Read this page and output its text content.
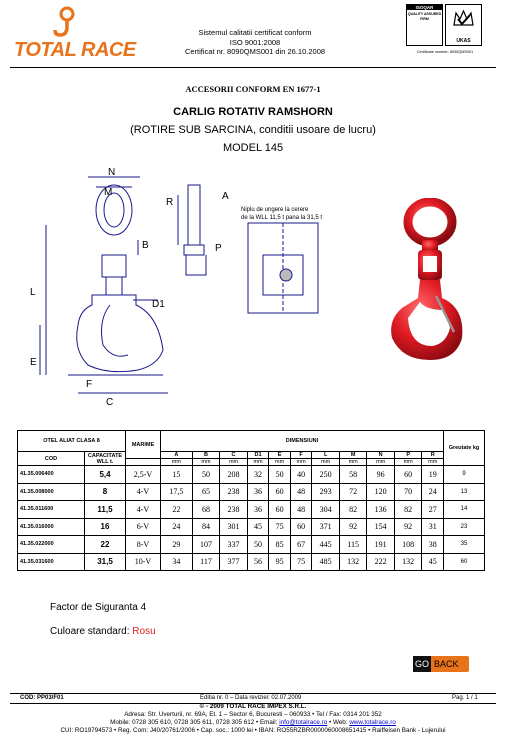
TOTAL RACE
Sistemul calitatii certificat conform
ISO 9001:2008
Certificat nr. 8090QMS001 din 26.10.2008
ISOQAR
QUALITY ASSURED FIRM
UKAS
Certificate number: 8090QMS001
ACCESORII CONFORM EN 1677-1
CARLIG ROTATIV RAMSHORN
(ROTIRE SUB SARCINA, conditii usoare de lucru)
MODEL 145
N
M
B
L
E
F
C
D1
R
A
P
Niplu de ungere la cerere
de la WLL 11,5 t pana la 31,5 t
OTEL ALIAT CLASA 8		MARIME	DIMENSIUNI											Greutate kg
COD	CAPACITATE WLL t.		A	B	C	D1	E	F	L	M	N	P	R	
			mm	mm	mm	mm	mm	mm	mm	mm	mm	mm	mm	
41.35.006400	5,4	2,5-V	15	50	208	32	50	40	250	58	96	60	19	9
41.35.008000	8	4-V	17,5	65	238	36	60	48	293	72	120	70	24	13
41.35.011600	11,5	4-V	22	68	238	36	60	48	304	82	136	82	27	14
41.35.016000	16	6-V	24	84	301	45	75	60	371	92	154	92	31	23
41.35.022000	22	8-V	29	107	337	50	85	67	445	115	191	108	38	35
41.35.031600	31,5	10-V	34	117	377	56	95	75	485	132	222	132	45	60
Factor de Siguranta 4
Culoare standard: Rosu
GO BACK
COD: PP03/F01	Editia nr. 0 – Data reviziei: 02.07.2009	Pag. 1 / 1
© - 2009 TOTAL RACE IMPEX S.R.L.
Adresa: Str. Uverturii, nr. 69A, Et. 1 – Sector 6, Bucuresti – 060933 • Tel / Fax: 0314 201 352
Mobile: 0728 305 610, 0728 305 611, 0728 305 612 • Email: info@totalrace.ro • Web: www.totalrace.ro
CUI: RO19794573 • Reg. Com: J40/20761/2006 • Cap. soc.: 1000 lei • IBAN: RO55RZBR0000060008651415 • Raiffeisen Bank - Lujerului
